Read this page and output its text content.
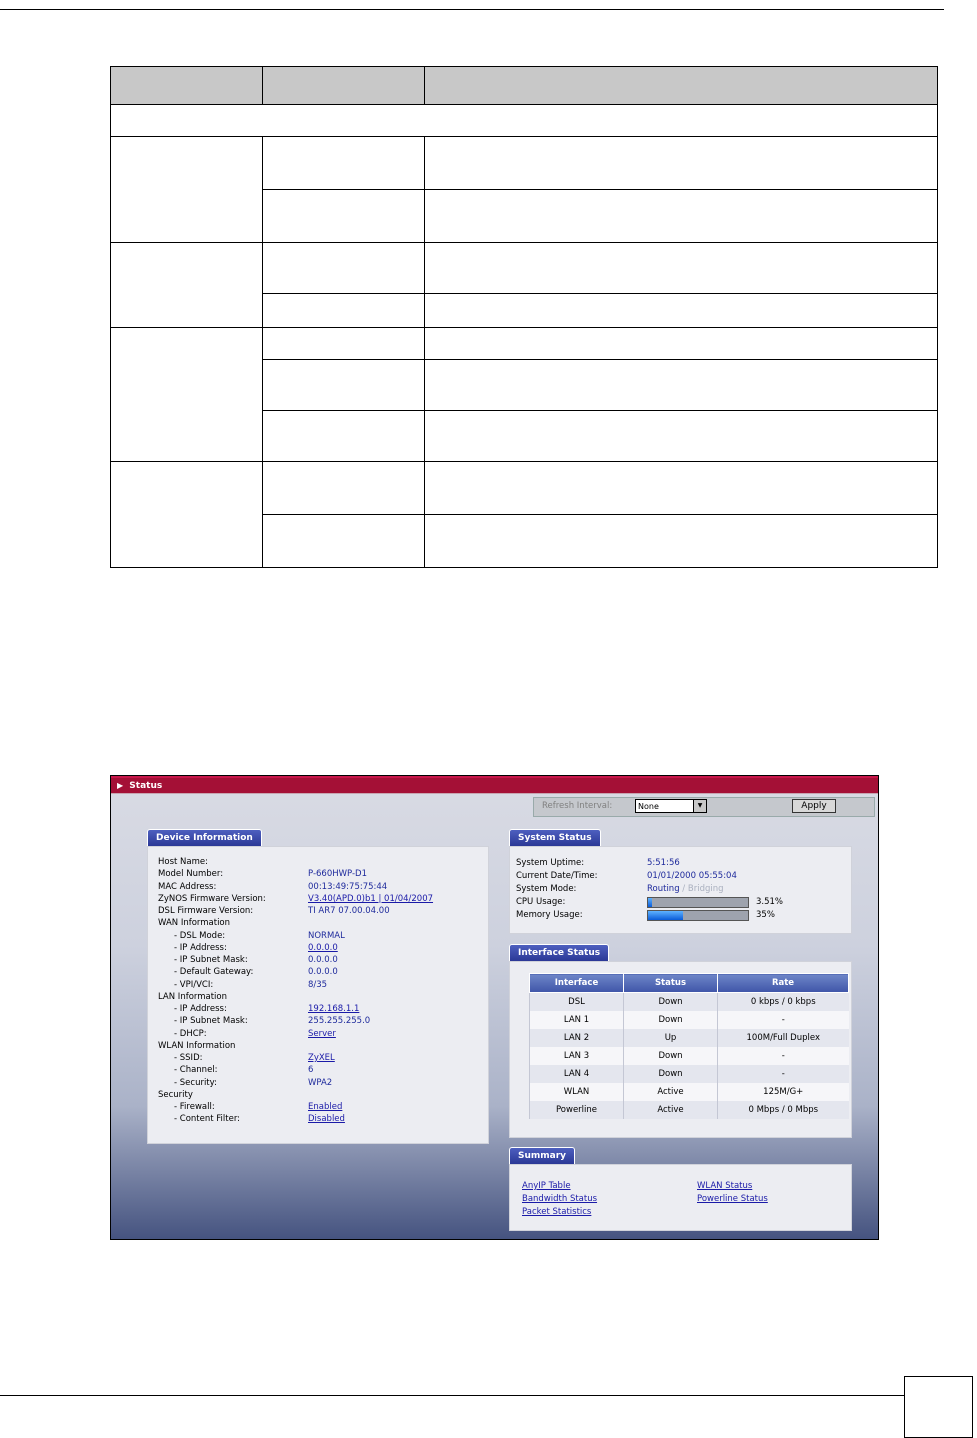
▶ Status
Refresh Interval:	None	▼	Apply
Device Information
Host Name:
Model Number:	P-660HWP-D1
MAC Address:	00:13:49:75:75:44
ZyNOS Firmware Version:	V3.40(APD.0)b1 | 01/04/2007
DSL Firmware Version:	TI AR7 07.00.04.00
WAN Information
- DSL Mode:	NORMAL
- IP Address:	0.0.0.0
- IP Subnet Mask:	0.0.0.0
- Default Gateway:	0.0.0.0
- VPI/VCI:	8/35
LAN Information
- IP Address:	192.168.1.1
- IP Subnet Mask:	255.255.255.0
- DHCP:	Server
WLAN Information
- SSID:	ZyXEL
- Channel:	6
- Security:	WPA2
Security
- Firewall:	Enabled
- Content Filter:	Disabled
System Status
System Uptime:	5:51:56
Current Date/Time:	01/01/2000 05:55:04
System Mode:	Routing / Bridging
CPU Usage:	3.51%
Memory Usage:	35%
Interface Status
Interface	Status	Rate
DSL	Down	0 kbps / 0 kbps
LAN 1	Down	-
LAN 2	Up	100M/Full Duplex
LAN 3	Down	-
LAN 4	Down	-
WLAN	Active	125M/G+
Powerline	Active	0 Mbps / 0 Mbps
Summary
AnyIP Table	WLAN Status
Bandwidth Status	Powerline Status
Packet Statistics
